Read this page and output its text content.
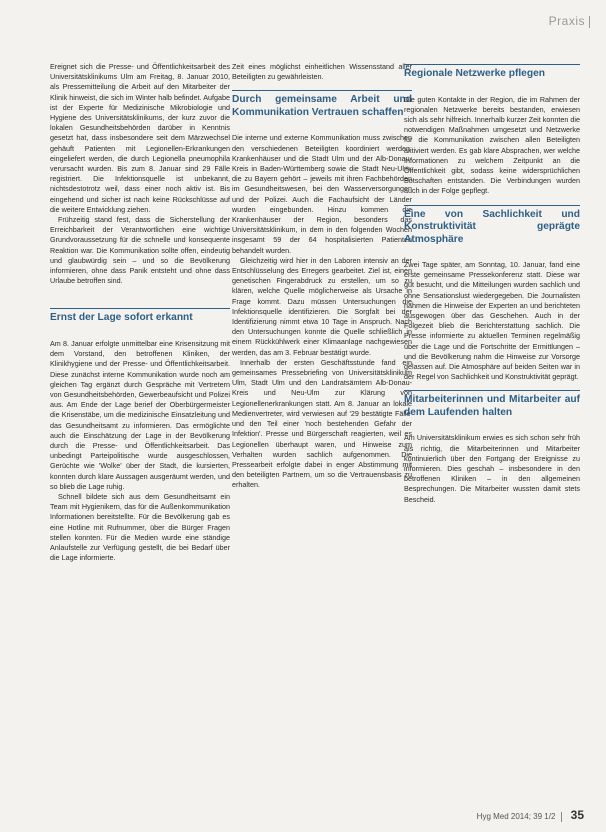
Praxis

Ereignet sich die Presse- und Öffentlichkeitsarbeit des Universitätsklinikums Ulm am Freitag, 8. Januar 2010, als Pressemitteilung die Arbeit auf den Mitarbeiter der Klinik hinweist, die sich im Winter halb befindet. Aufgabe ist der Experte für Medizinische Mikrobiologie und Hygiene des Universitätsklinikums, der kurz zuvor die lokalen Gesundheitsbehörden darüber in Kenntnis gesetzt hat, dass insbesondere seit dem Märzwechsel gehäuft Patienten mit Legionellen-Erkrankungen eingeliefert werden, die durch Legionella pneumophila verursacht wurden. Bis zum 8. Januar sind 29 Fälle registriert. Die Infektionsquelle ist unbekannt, nichtsdestotrotz weil, dass einer noch aktiv ist. Bis eingehend und sicher ist nach keine Rückschlüsse auf die weitere Entwicklung ziehen.

Frühzeitig stand fest, dass die Sicherstellung der Erreichbarkeit der Verantwortlichen eine wichtige Grundvoraussetzung für die schnelle und konsequente Reaktion war. Die Kommunikation sollte offen, eindeutig und glaubwürdig sein – und so die Bevölkerung informieren, ohne dass Panik entsteht und ohne dass Urlaube betroffen sind.

Ernst der Lage sofort erkannt

Am 8. Januar erfolgte unmittelbar eine Krisensitzung mit dem Vorstand, den betroffenen Kliniken, der Klinikhygiene und der Presse- und Öffentlichkeitsarbeit. Diese zunächst interne Kommunikation wurde noch am gleichen Tag ergänzt durch Gespräche mit Vertretern von Gesundheitsbehörden, Gewerbeaufsicht und Polizei aus. Am Ende der Lage berief der Oberbürgermeister die Krisenstäbe, um die medizinische Einsatzleitung und das Gesundheitsamt zu informieren. Das ermöglichte auch die Einschätzung der Lage in der Bevölkerung durch die Presse- und Öffentlichkeitsarbeit. Das unbedingt Parteipolitische wurde ausgeschlossen, Gerüchte wie 'Wolke' über der Stadt, die kursierten, konnten durch klare Aussagen ausgeräumt werden, und so blieb die Lage ruhig.

Schnell bildete sich aus dem Gesundheitsamt ein Team mit Hygienikern, das für die Außenkommunikation Informationen bereitstellte. Für die Bevölkerung gab es eine Hotline mit Rufnummer, über die Bürger Fragen stellen konnten. Für die Medien wurde eine ständige Anlaufstelle zur Verfügung gestellt, die bei Bedarf über die Lage informierte.

Zeit eines möglichst einheitlichen Wissensstand aller Beteiligten zu gewährleisten.

Durch gemeinsame Arbeit und Kommunikation Vertrauen schaffen

Die interne und externe Kommunikation muss zwischen den verschiedenen Beteiligten koordiniert werden: Krankenhäuser und die Stadt Ulm und der Alb-Donau-Kreis in Baden-Württemberg sowie die Stadt Neu-Ulm, die zu Bayern gehört – jeweils mit ihren Fachbehörden im Gesundheitswesen, bei den Wasserversorgungen und der Polizei. Auch die Fachaufsicht der Länder wurden eingebunden. Hinzu kommen die Krankenhäuser der Region, besonders das Universitätsklinikum, in dem in den folgenden Wochen insgesamt 59 der 64 hospitalisierten Patienten behandelt wurden.

Gleichzeitig wird hier in den Laboren intensiv an der Entschlüsselung des Erregers gearbeitet. Ziel ist, einen genetischen Fingerabdruck zu erstellen, um so zu klären, welche Quelle möglicherweise als Ursache in Frage kommt. Dazu müssen Untersuchungen die Infektionsquelle identifizieren. Die Sorgfalt bei der Identifizierung nimmt etwa 10 Tage in Anspruch. Nach den Untersuchungen konnte die Quelle schließlich in einem Rückkühlwerk einer Klimaanlage nachgewiesen werden, das am 3. Februar bestätigt wurde.

Innerhalb der ersten Geschäftsstunde fand ein gemeinsames Pressebriefing von Universitätsklinikum Ulm, Stadt Ulm und den Landratsämtern Alb-Donau-Kreis und Neu-Ulm zur Klärung von Legionellenerkrankungen statt. Am 8. Januar an lokale Medienvertreter, wird verwiesen auf '29 bestätigte Fälle' und den Teil einer 'noch bestehenden Gefahr der Infektion'. Presse und Bürgerschaft reagierten, weil es Legionellen überhaupt waren, und Hinweise zum Verhalten wurden sachlich aufgenommen. Die Pressearbeit erfolgte dabei in enger Abstimmung mit den beteiligten Partnern, um so die Vertrauensbasis zu erhalten.

Regionale Netzwerke pflegen

Die guten Kontakte in der Region, die im Rahmen der regionalen Netzwerke bereits bestanden, erwiesen sich als sehr hilfreich. Innerhalb kurzer Zeit konnten die notwendigen Maßnahmen umgesetzt und Netzwerke für die Kommunikation zwischen allen Beteiligten aktiviert werden. Es gab klare Absprachen, wer welche Informationen zu welchem Zeitpunkt an die Öffentlichkeit gibt, sodass keine widersprüchlichen Botschaften entstanden. Die Verbindungen wurden auch in der Folge gepflegt.

Eine von Sachlichkeit und Konstruktivität geprägte Atmosphäre

Zwei Tage später, am Sonntag, 10. Januar, fand eine erste gemeinsame Pressekonferenz statt. Diese war gut besucht, und die Mitteilungen wurden sachlich und ohne Sensationslust wiedergegeben. Die Journalisten nahmen die Hinweise der Experten an und berichteten ausgewogen über das Geschehen. Auch in der Folgezeit blieb die Berichterstattung sachlich. Die Presse informierte zu aktuellen Terminen regelmäßig über die Lage und die Fortschritte der Ermittlungen – und die Bevölkerung nahm die Hinweise zur Vorsorge gelassen auf. Die Atmosphäre auf beiden Seiten war in der Regel von Sachlichkeit und Konstruktivität geprägt.

Mitarbeiterinnen und Mitarbeiter auf dem Laufenden halten

Am Universitätsklinikum erwies es sich schon sehr früh als richtig, die Mitarbeiterinnen und Mitarbeiter kontinuierlich über den Fortgang der Ereignisse zu informieren. Dies geschah – insbesondere in den betroffenen Kliniken – in den allgemeinen Besprechungen. Die Mitarbeiter wussten damit stets Bescheid.

Hyg Med 2014; 39 1/2 35
